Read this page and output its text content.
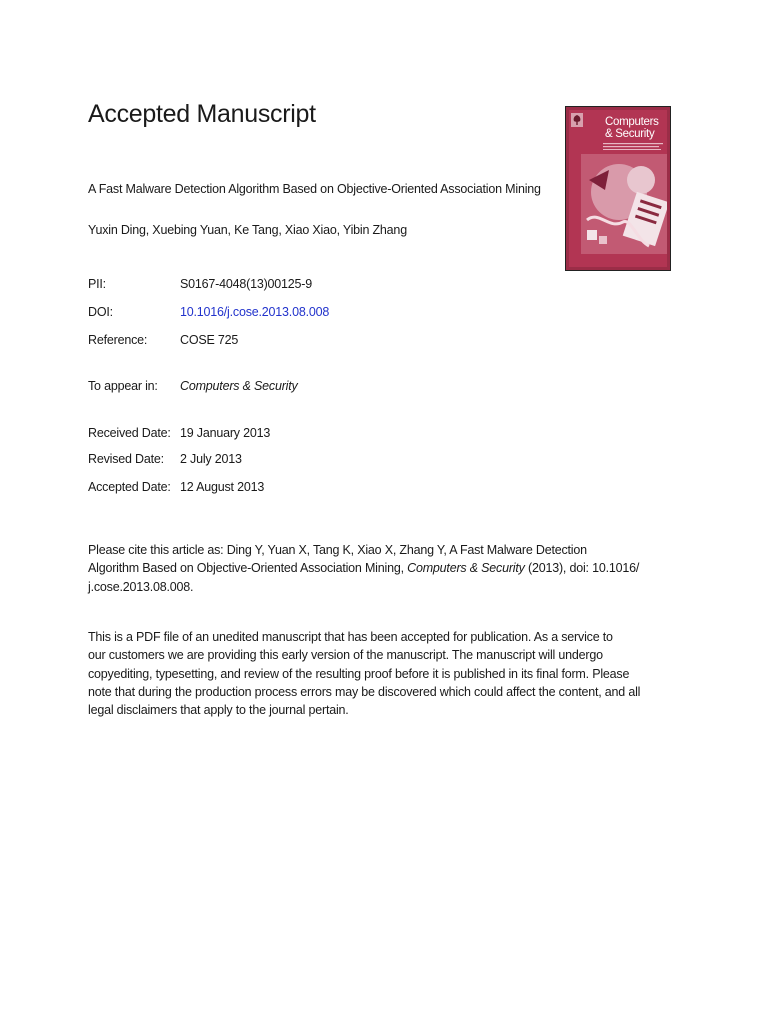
Accepted Manuscript
A Fast Malware Detection Algorithm Based on Objective-Oriented Association Mining
Yuxin Ding, Xuebing Yuan, Ke Tang, Xiao Xiao, Yibin Zhang
PII:	S0167-4048(13)00125-9
DOI:	10.1016/j.cose.2013.08.008
Reference:	COSE 725
To appear in:	Computers & Security
Received Date: 19 January 2013
Revised Date:	2 July 2013
Accepted Date: 12 August 2013
Please cite this article as: Ding Y, Yuan X, Tang K, Xiao X, Zhang Y, A Fast Malware Detection
Algorithm Based on Objective-Oriented Association Mining, Computers & Security (2013), doi: 10.1016/
j.cose.2013.08.008.
This is a PDF file of an unedited manuscript that has been accepted for publication. As a service to
our customers we are providing this early version of the manuscript. The manuscript will undergo
copyediting, typesetting, and review of the resulting proof before it is published in its final form. Please
note that during the production process errors may be discovered which could affect the content, and all
legal disclaimers that apply to the journal pertain.
Computers
& Security
